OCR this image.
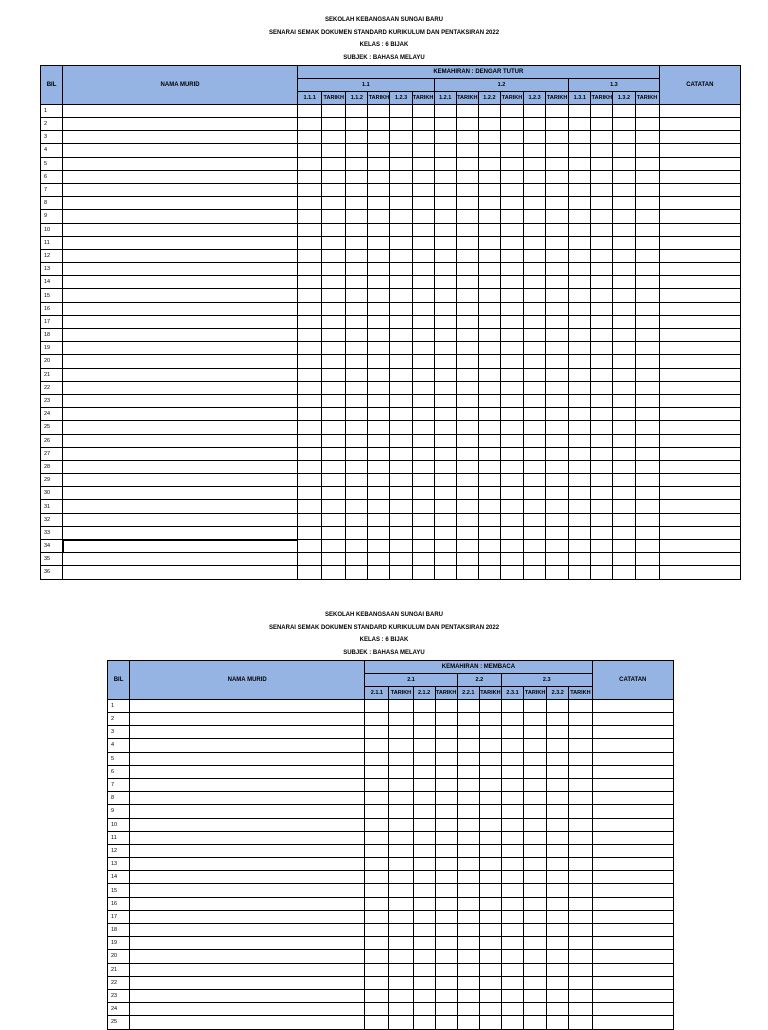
SEKOLAH KEBANGSAAN SUNGAI BARU
SENARAI SEMAK DOKUMEN STANDARD KURIKULUM DAN PENTAKSIRAN 2022
KELAS : 6 BIJAK
SUBJEK : BAHASA MELAYU
BIL	NAMA MURID	KEMAHIRAN : DENGAR TUTUR																CATATAN
		1.1						1.2						1.3				
		1.1.1	TARIKH	1.1.2	TARIKH	1.2.3	TARIKH	1.2.1	TARIKH	1.2.2	TARIKH	1.2.3	TARIKH	1.3.1	TARIKH	1.3.2	TARIKH	
1																		
2																		
3																		
4																		
5																		
6																		
7																		
8																		
9																		
10																		
11																		
12																		
13																		
14																		
15																		
16																		
17																		
18																		
19																		
20																		
21																		
22																		
23																		
24																		
25																		
26																		
27																		
28																		
29																		
30																		
31																		
32																		
33																		
34																		
35																		
36																		
SEKOLAH KEBANGSAAN SUNGAI BARU
SENARAI SEMAK DOKUMEN STANDARD KURIKULUM DAN PENTAKSIRAN 2022
KELAS : 6 BIJAK
SUBJEK : BAHASA MELAYU
BIL	NAMA MURID	KEMAHIRAN : MEMBACA										CATATAN
		2.1				2.2		2.3				
		2.1.1	TARIKH	2.1.2	TARIKH	2.2.1	TARIKH	2.3.1	TARIKH	2.3.2	TARIKH	
1												
2												
3												
4												
5												
6												
7												
8												
9												
10												
11												
12												
13												
14												
15												
16												
17												
18												
19												
20												
21												
22												
23												
24												
25												
